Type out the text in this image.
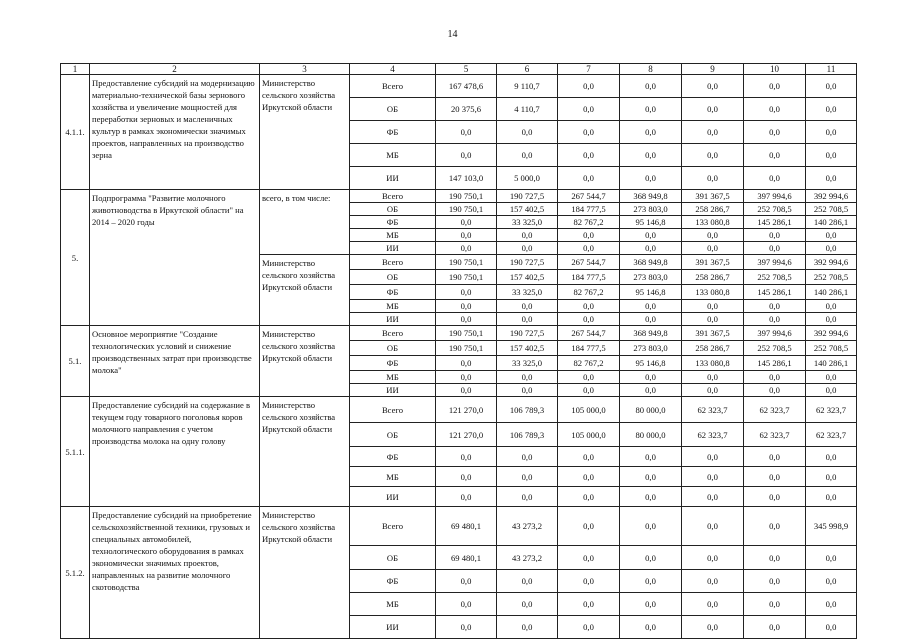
14
1	2	3	4	5	6	7	8	9	10	11
4.1.1.	Предоставление субсидий на модернизацию материально-технической базы зернового хозяйства и увеличение мощностей для переработки зерновых и масленичных культур в рамках экономически значимых проектов, направленных на производство зерна	Министерство сельского хозяйства Иркутской области	Всего	167 478,6	9 110,7	0,0	0,0	0,0	0,0	0,0
			ОБ	20 375,6	4 110,7	0,0	0,0	0,0	0,0	0,0
			ФБ	0,0	0,0	0,0	0,0	0,0	0,0	0,0
			МБ	0,0	0,0	0,0	0,0	0,0	0,0	0,0
			ИИ	147 103,0	5 000,0	0,0	0,0	0,0	0,0	0,0
5.	Подпрограмма "Развитие молочного животноводства в Иркутской области" на 2014 – 2020 годы	всего, в том числе:	Всего	190 750,1	190 727,5	267 544,7	368 949,8	391 367,5	397 994,6	392 994,6
			ОБ	190 750,1	157 402,5	184 777,5	273 803,0	258 286,7	252 708,5	252 708,5
			ФБ	0,0	33 325,0	82 767,2	95 146,8	133 080,8	145 286,1	140 286,1
			МБ	0,0	0,0	0,0	0,0	0,0	0,0	0,0
			ИИ	0,0	0,0	0,0	0,0	0,0	0,0	0,0
		Министерство сельского хозяйства Иркутской области	Всего	190 750,1	190 727,5	267 544,7	368 949,8	391 367,5	397 994,6	392 994,6
			ОБ	190 750,1	157 402,5	184 777,5	273 803,0	258 286,7	252 708,5	252 708,5
			ФБ	0,0	33 325,0	82 767,2	95 146,8	133 080,8	145 286,1	140 286,1
			МБ	0,0	0,0	0,0	0,0	0,0	0,0	0,0
			ИИ	0,0	0,0	0,0	0,0	0,0	0,0	0,0
5.1.	Основное мероприятие "Создание технологических условий и снижение производственных затрат при производстве молока"	Министерство сельского хозяйства Иркутской области	Всего	190 750,1	190 727,5	267 544,7	368 949,8	391 367,5	397 994,6	392 994,6
			ОБ	190 750,1	157 402,5	184 777,5	273 803,0	258 286,7	252 708,5	252 708,5
			ФБ	0,0	33 325,0	82 767,2	95 146,8	133 080,8	145 286,1	140 286,1
			МБ	0,0	0,0	0,0	0,0	0,0	0,0	0,0
			ИИ	0,0	0,0	0,0	0,0	0,0	0,0	0,0
5.1.1.	Предоставление субсидий на содержание в текущем году товарного поголовья коров молочного направления с учетом производства молока на одну голову	Министерство сельского хозяйства Иркутской области	Всего	121 270,0	106 789,3	105 000,0	80 000,0	62 323,7	62 323,7	62 323,7
			ОБ	121 270,0	106 789,3	105 000,0	80 000,0	62 323,7	62 323,7	62 323,7
			ФБ	0,0	0,0	0,0	0,0	0,0	0,0	0,0
			МБ	0,0	0,0	0,0	0,0	0,0	0,0	0,0
			ИИ	0,0	0,0	0,0	0,0	0,0	0,0	0,0
5.1.2.	Предоставление субсидий на приобретение сельскохозяйственной техники, грузовых и специальных автомобилей, технологического оборудования в рамках экономически значимых проектов, направленных на развитие молочного скотоводства	Министерство сельского хозяйства Иркутской области	Всего	69 480,1	43 273,2	0,0	0,0	0,0	0,0	345 998,9
			ОБ	69 480,1	43 273,2	0,0	0,0	0,0	0,0	0,0
			ФБ	0,0	0,0	0,0	0,0	0,0	0,0	0,0
			МБ	0,0	0,0	0,0	0,0	0,0	0,0	0,0
			ИИ	0,0	0,0	0,0	0,0	0,0	0,0	0,0
